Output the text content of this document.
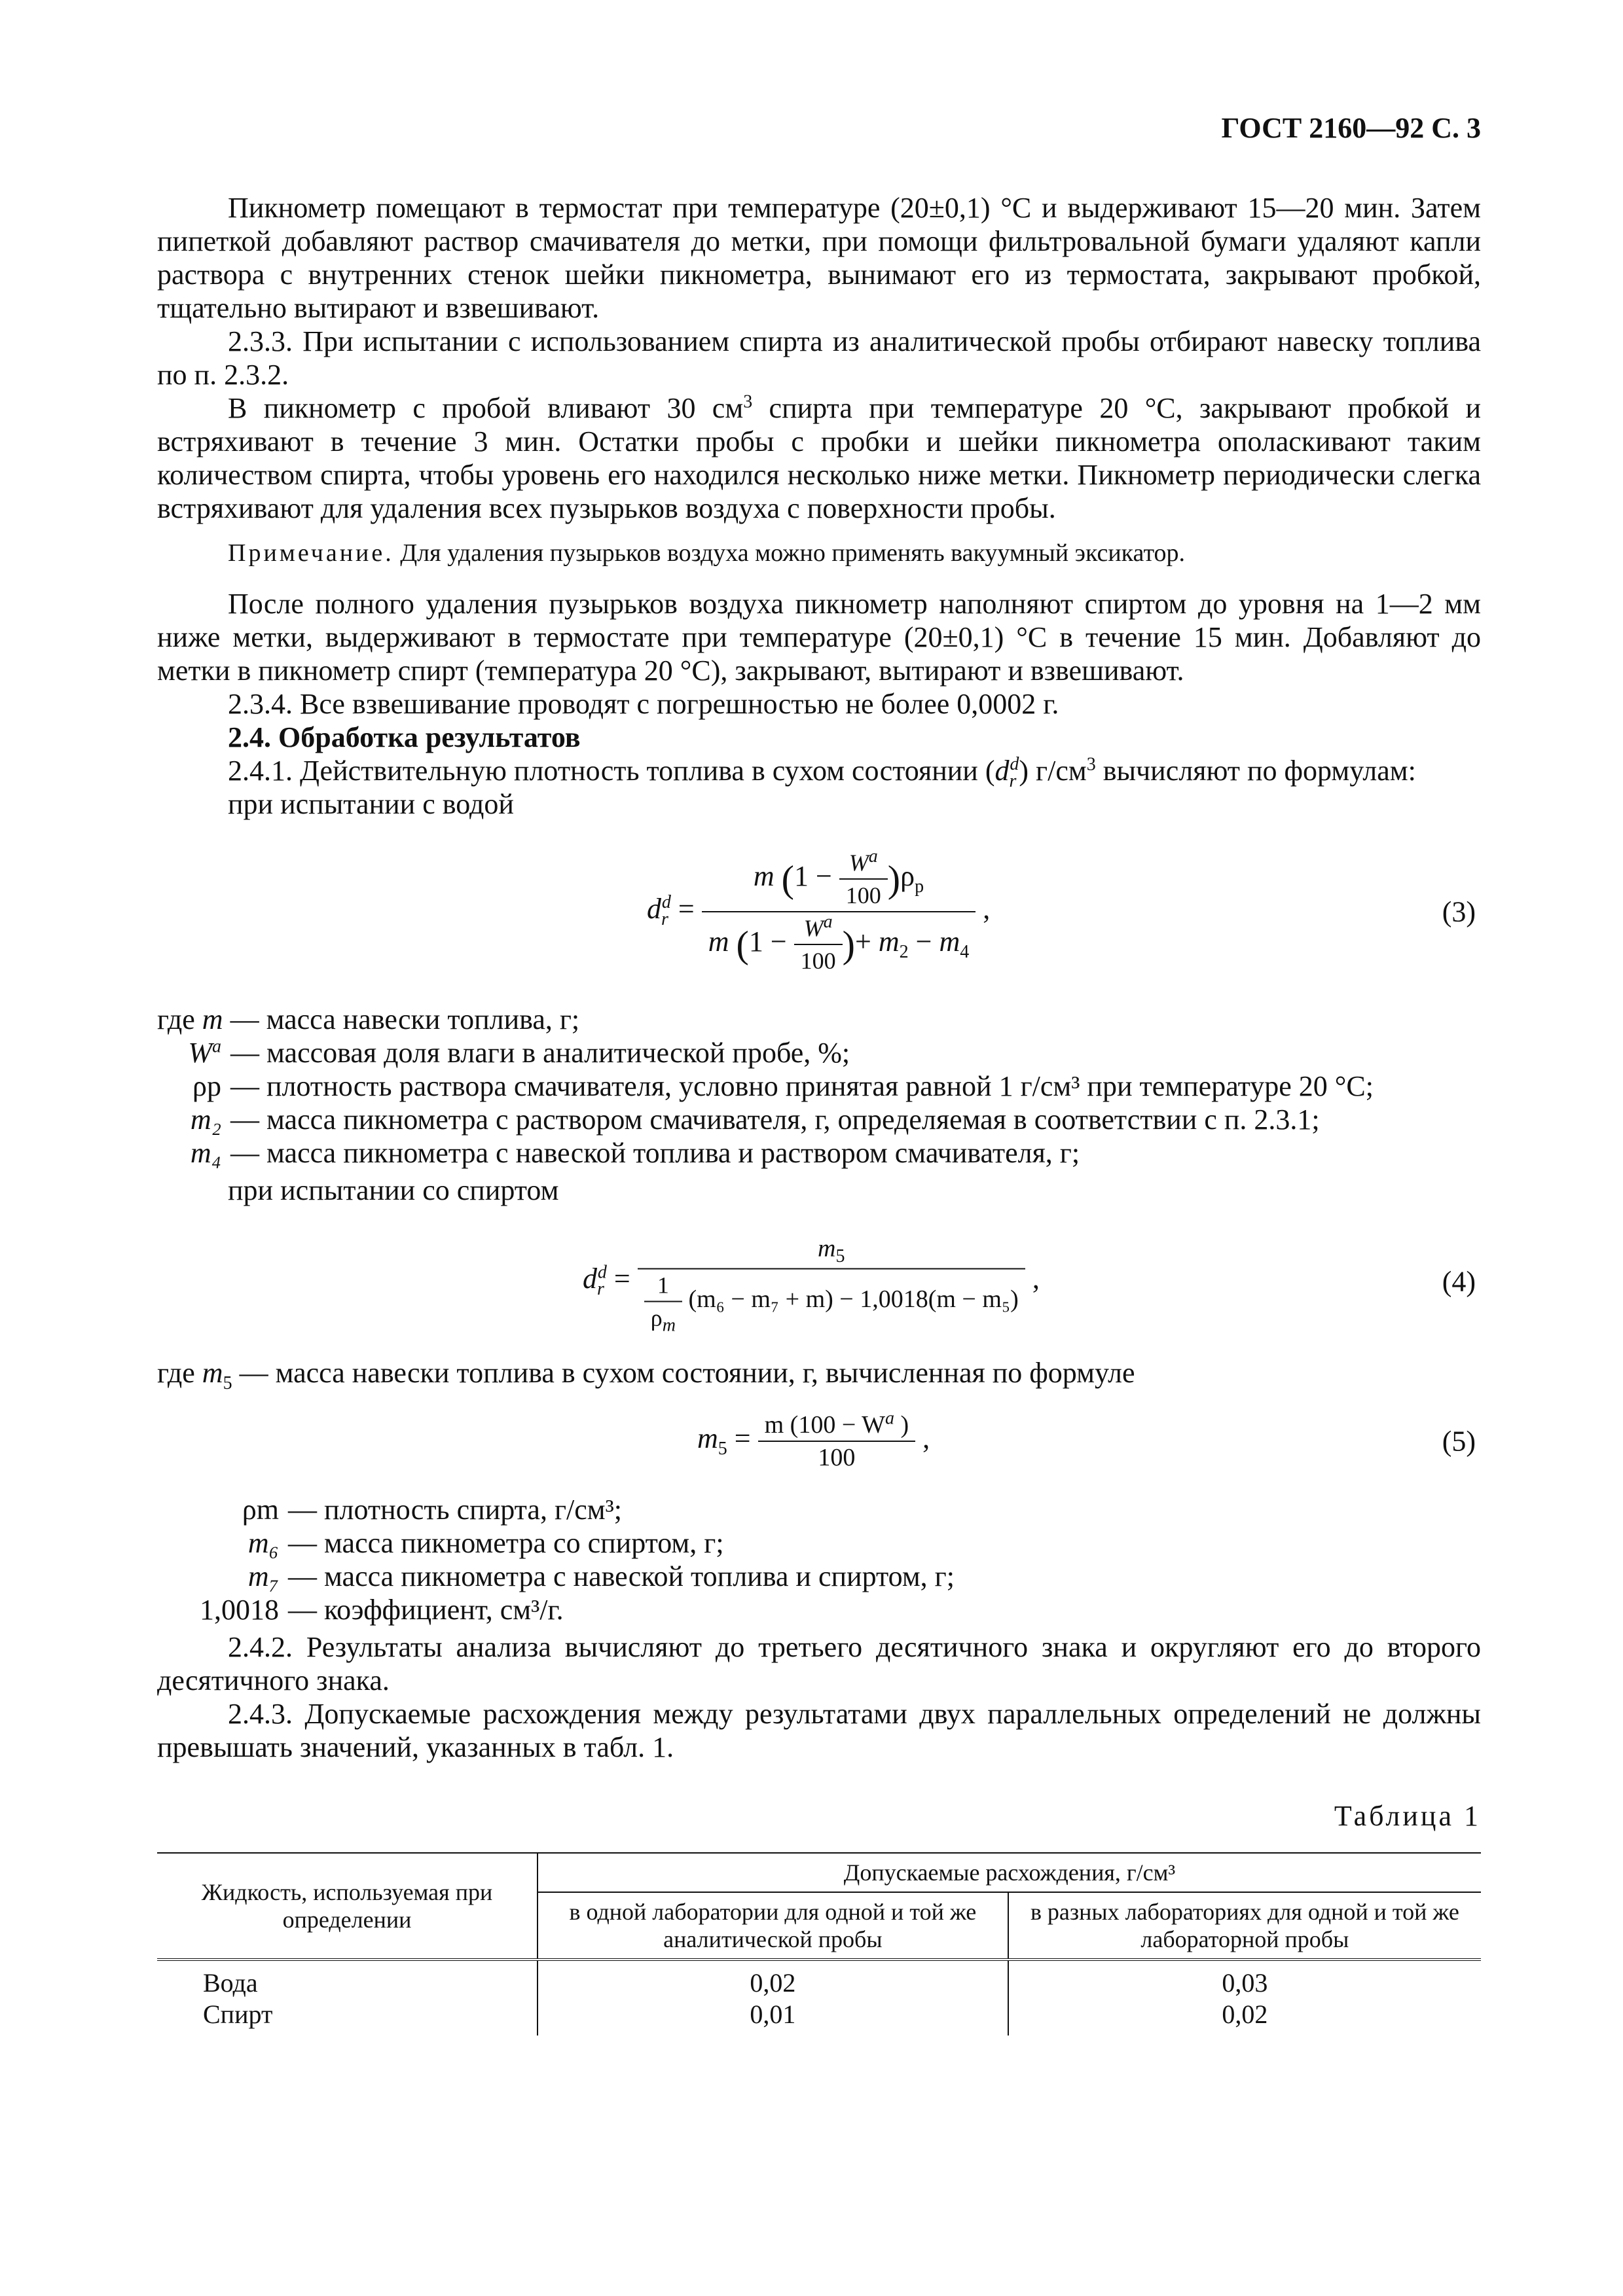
ГОСТ 2160—92 С. 3

Пикнометр помещают в термостат при температуре (20±0,1) °С и выдерживают 15—20 мин. Затем пипеткой добавляют раствор смачивателя до метки, при помощи фильтровальной бумаги удаляют капли раствора с внутренних стенок шейки пикнометра, вынимают его из термостата, закрывают пробкой, тщательно вытирают и взвешивают.

2.3.3. При испытании с использованием спирта из аналитической пробы отбирают навеску топлива по п. 2.3.2.

В пикнометр с пробой вливают 30 $см^3$ спирта при температуре 20 °С, закрывают пробкой и встряхивают в течение 3 мин. Остатки пробы с пробки и шейки пикнометра ополаскивают таким количеством спирта, чтобы уровень его находился несколько ниже метки. Пикнометр периодически слегка встряхивают для удаления всех пузырьков воздуха с поверхности пробы.

Примечание. Для удаления пузырьков воздуха можно применять вакуумный эксикатор.

После полного удаления пузырьков воздуха пикнометр наполняют спиртом до уровня на 1—2 мм ниже метки, выдерживают в термостате при температуре (20±0,1) °С в течение 15 мин. Добавляют до метки в пикнометр спирт (температура 20 °С), закрывают, вытирают и взвешивают.

2.3.4. Все взвешивание проводят с погрешностью не более 0,0002 г.

2.4. Обработка результатов

2.4.1. Действительную плотность топлива в сухом состоянии $(d_r^d)$ $г/см^3$ вычисляют по формулам:

при испытании с водой

$d_r^d = \frac{m (1 - \frac{W^a}{100} )\rho_р}{m (1 - \frac{W^a}{100} )+ m_2 - m_4}$ ,	(3)
где m — масса навески топлива, г;
$W^a$ — массовая доля влаги в аналитической пробе, %;
ρр — плотность раствора смачивателя, условно принятая равной 1 г/см³ при температуре 20 °С;
m₂ — масса пикнометра с раствором смачивателя, г, определяемая в соответствии с п. 2.3.1;
m₄ — масса пикнометра с навеской топлива и раствором смачивателя, г;

при испытании со спиртом

$d_r^d = \frac{m_5}{\frac{1}{\rho_m} (m_6 - m_7 + m) - 1,0018(m - m_5)}$ ,	(4)
где $m_5$ — масса навески топлива в сухом состоянии, г, вычисленная по формуле
$m_5 = \frac{m (100 - W^a )}{100}$ ,	(5)
ρm — плотность спирта, г/см³;
m₆ — масса пикнометра со спиртом, г;
m₇ — масса пикнометра с навеской топлива и спиртом, г;
1,0018 — коэффициент, см³/г.

2.4.2. Результаты анализа вычисляют до третьего десятичного знака и округляют его до второго десятичного знака.

2.4.3. Допускаемые расхождения между результатами двух параллельных определений не должны превышать значений, указанных в табл. 1.

Таблица 1
Жидкость, используемая при определении	Допускаемые расхождения, г/см³	
	в одной лаборатории для одной и той же аналитической пробы	в разных лабораториях для одной и той же лабораторной пробы
Вода	0,02	0,03
Спирт	0,01	0,02
